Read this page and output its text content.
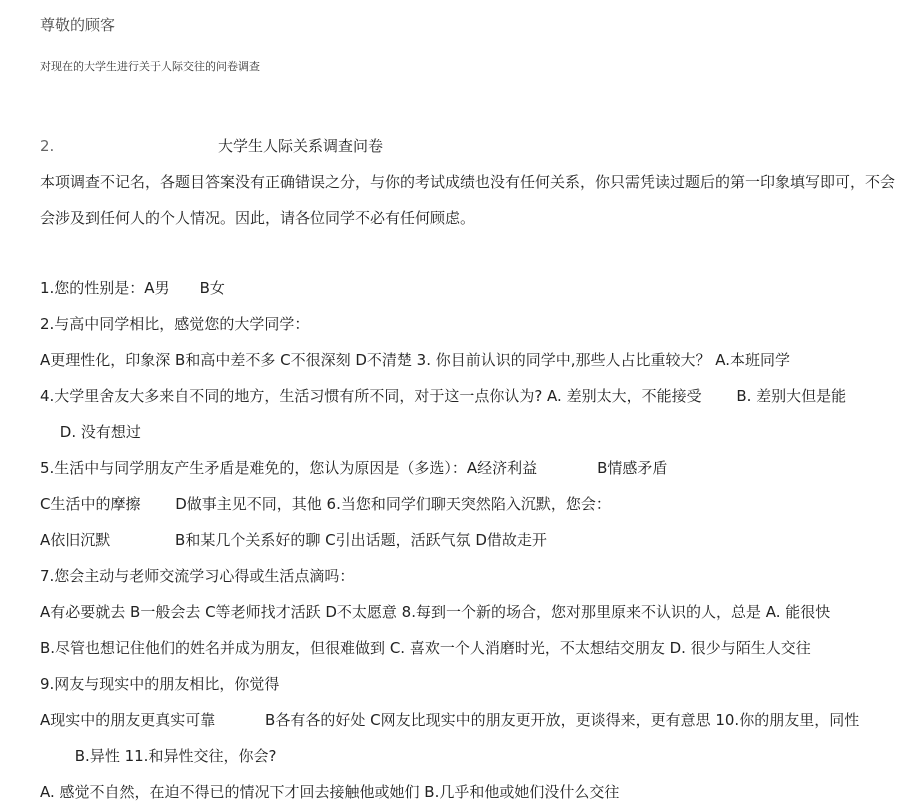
尊敬的顾客
对现在的大学生进行关于人际交往的问卷调查
2.	大学生人际关系调查问卷
本项调查不记名，各题目答案没有正确错误之分，与你的考试成绩也没有任何关系，你只需凭读过题后的第一印象填写即可，不会
会涉及到任何人的个人情况。因此，请各位同学不必有任何顾虑。
1.您的性别是：A男　　B女
2.与高中同学相比，感觉您的大学同学：
A更理性化，印象深 B和高中差不多 C不很深刻 D不清楚 3. 你目前认识的同学中,那些人占比重较大？ A.本班同学
4.大学里舍友大多来自不同的地方，生活习惯有所不同，对于这一点你认为? A. 差别太大，不能接受　　 B. 差别大但是能
　 D. 没有想过
5.生活中与同学朋友产生矛盾是难免的，您认为原因是（多选）：A经济利益　　　　B情感矛盾
C生活中的摩擦　　 D做事主见不同，其他 6.当您和同学们聊天突然陷入沉默，您会：
A依旧沉默　　　　 B和某几个关系好的聊 C引出话题，活跃气氛 D借故走开
7.您会主动与老师交流学习心得或生活点滴吗：
A有必要就去 B一般会去 C等老师找才活跃 D不太愿意 8.每到一个新的场合，您对那里原来不认识的人，总是 A. 能很快
B.尽管也想记住他们的姓名并成为朋友，但很难做到 C. 喜欢一个人消磨时光，不太想结交朋友 D. 很少与陌生人交往
9.网友与现实中的朋友相比，你觉得
A现实中的朋友更真实可靠　　　 B各有各的好处 C网友比现实中的朋友更开放，更谈得来，更有意思 10.你的朋友里，同性
　　 B.异性 11.和异性交往，你会?
A. 感觉不自然，在迫不得已的情况下才回去接触他或她们 B.几乎和他或她们没什么交往
